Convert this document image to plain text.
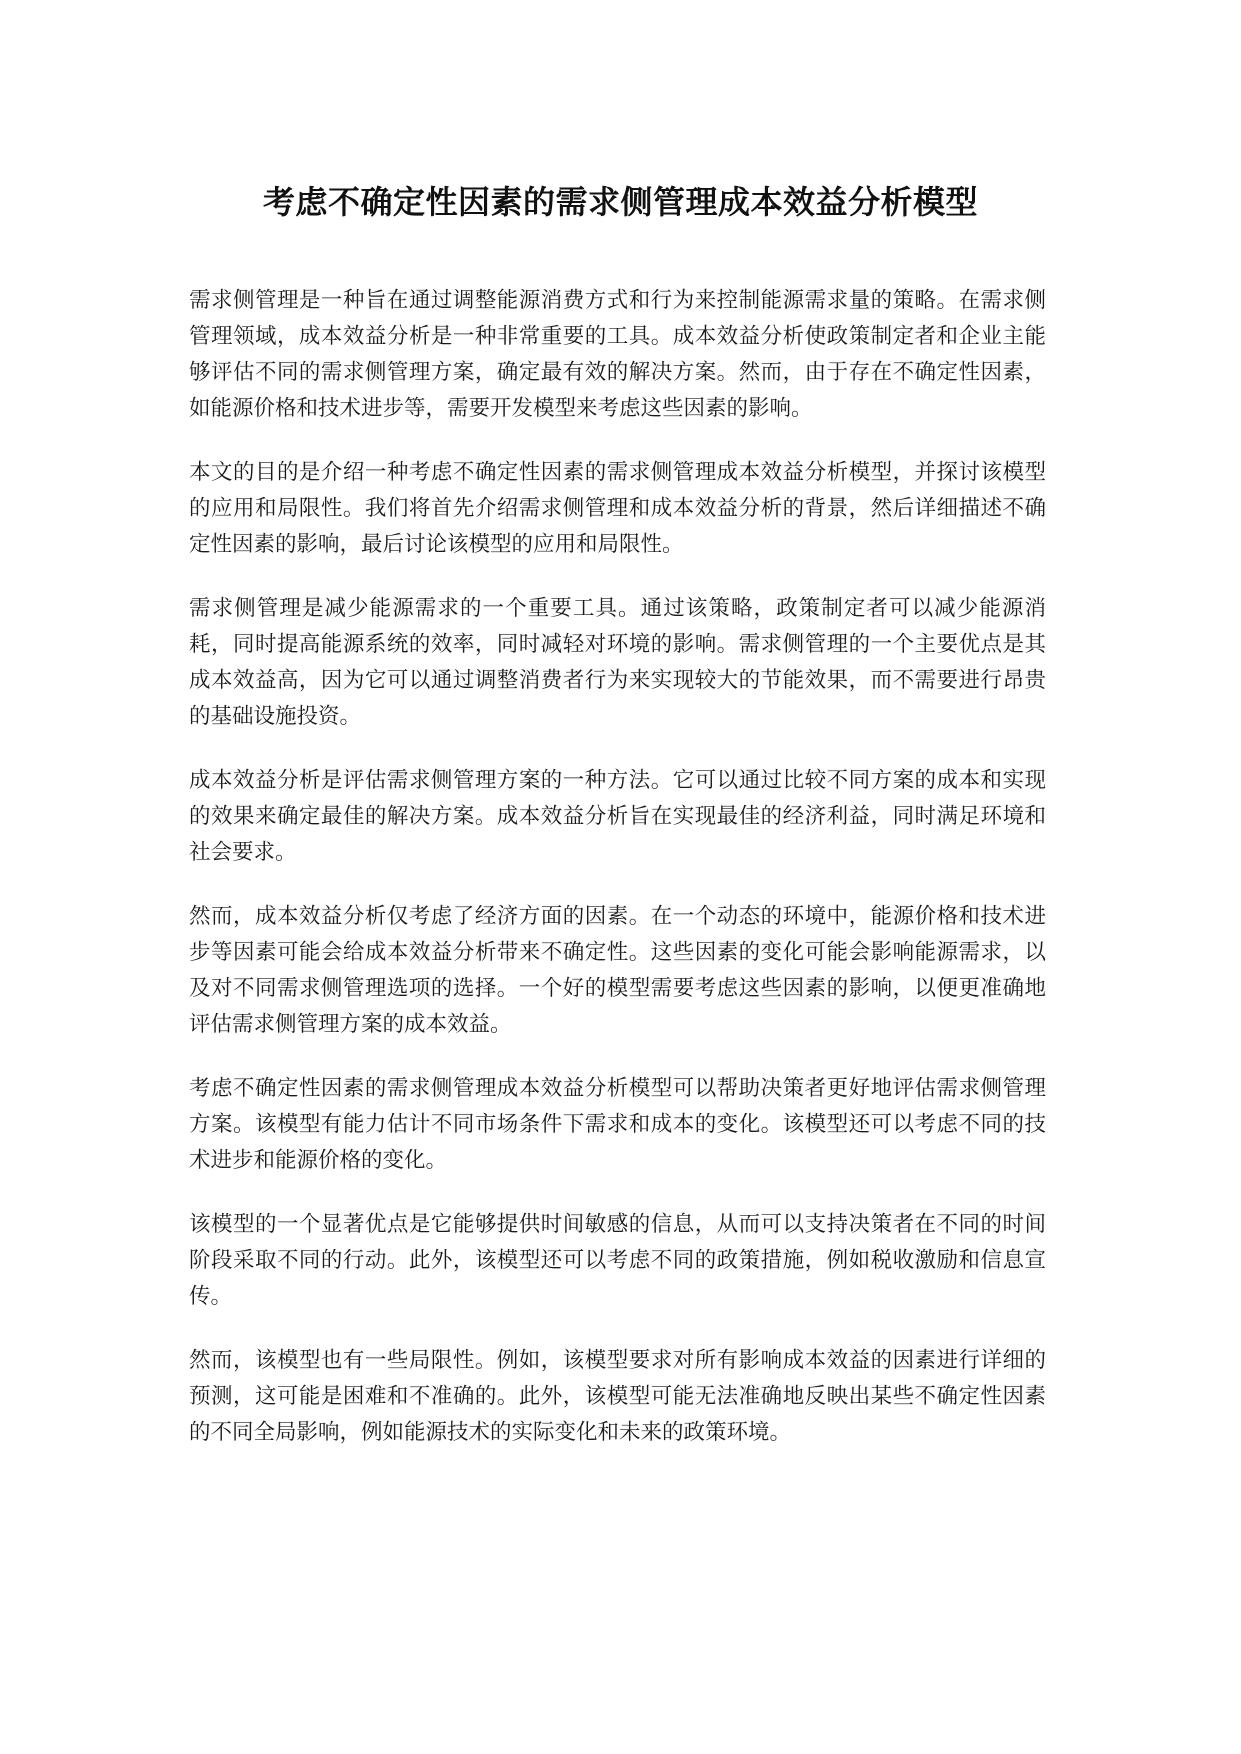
考虑不确定性因素的需求侧管理成本效益分析模型

需求侧管理是一种旨在通过调整能源消费方式和行为来控制能源需求量的策略。在需求侧管理领域，成本效益分析是一种非常重要的工具。成本效益分析使政策制定者和企业主能够评估不同的需求侧管理方案，确定最有效的解决方案。然而，由于存在不确定性因素，如能源价格和技术进步等，需要开发模型来考虑这些因素的影响。

本文的目的是介绍一种考虑不确定性因素的需求侧管理成本效益分析模型，并探讨该模型的应用和局限性。我们将首先介绍需求侧管理和成本效益分析的背景，然后详细描述不确定性因素的影响，最后讨论该模型的应用和局限性。

需求侧管理是减少能源需求的一个重要工具。通过该策略，政策制定者可以减少能源消耗，同时提高能源系统的效率，同时减轻对环境的影响。需求侧管理的一个主要优点是其成本效益高，因为它可以通过调整消费者行为来实现较大的节能效果，而不需要进行昂贵的基础设施投资。

成本效益分析是评估需求侧管理方案的一种方法。它可以通过比较不同方案的成本和实现的效果来确定最佳的解决方案。成本效益分析旨在实现最佳的经济利益，同时满足环境和社会要求。

然而，成本效益分析仅考虑了经济方面的因素。在一个动态的环境中，能源价格和技术进步等因素可能会给成本效益分析带来不确定性。这些因素的变化可能会影响能源需求，以及对不同需求侧管理选项的选择。一个好的模型需要考虑这些因素的影响，以便更准确地评估需求侧管理方案的成本效益。

考虑不确定性因素的需求侧管理成本效益分析模型可以帮助决策者更好地评估需求侧管理方案。该模型有能力估计不同市场条件下需求和成本的变化。该模型还可以考虑不同的技术进步和能源价格的变化。

该模型的一个显著优点是它能够提供时间敏感的信息，从而可以支持决策者在不同的时间阶段采取不同的行动。此外，该模型还可以考虑不同的政策措施，例如税收激励和信息宣传。

然而，该模型也有一些局限性。例如，该模型要求对所有影响成本效益的因素进行详细的预测，这可能是困难和不准确的。此外，该模型可能无法准确地反映出某些不确定性因素的不同全局影响，例如能源技术的实际变化和未来的政策环境。
